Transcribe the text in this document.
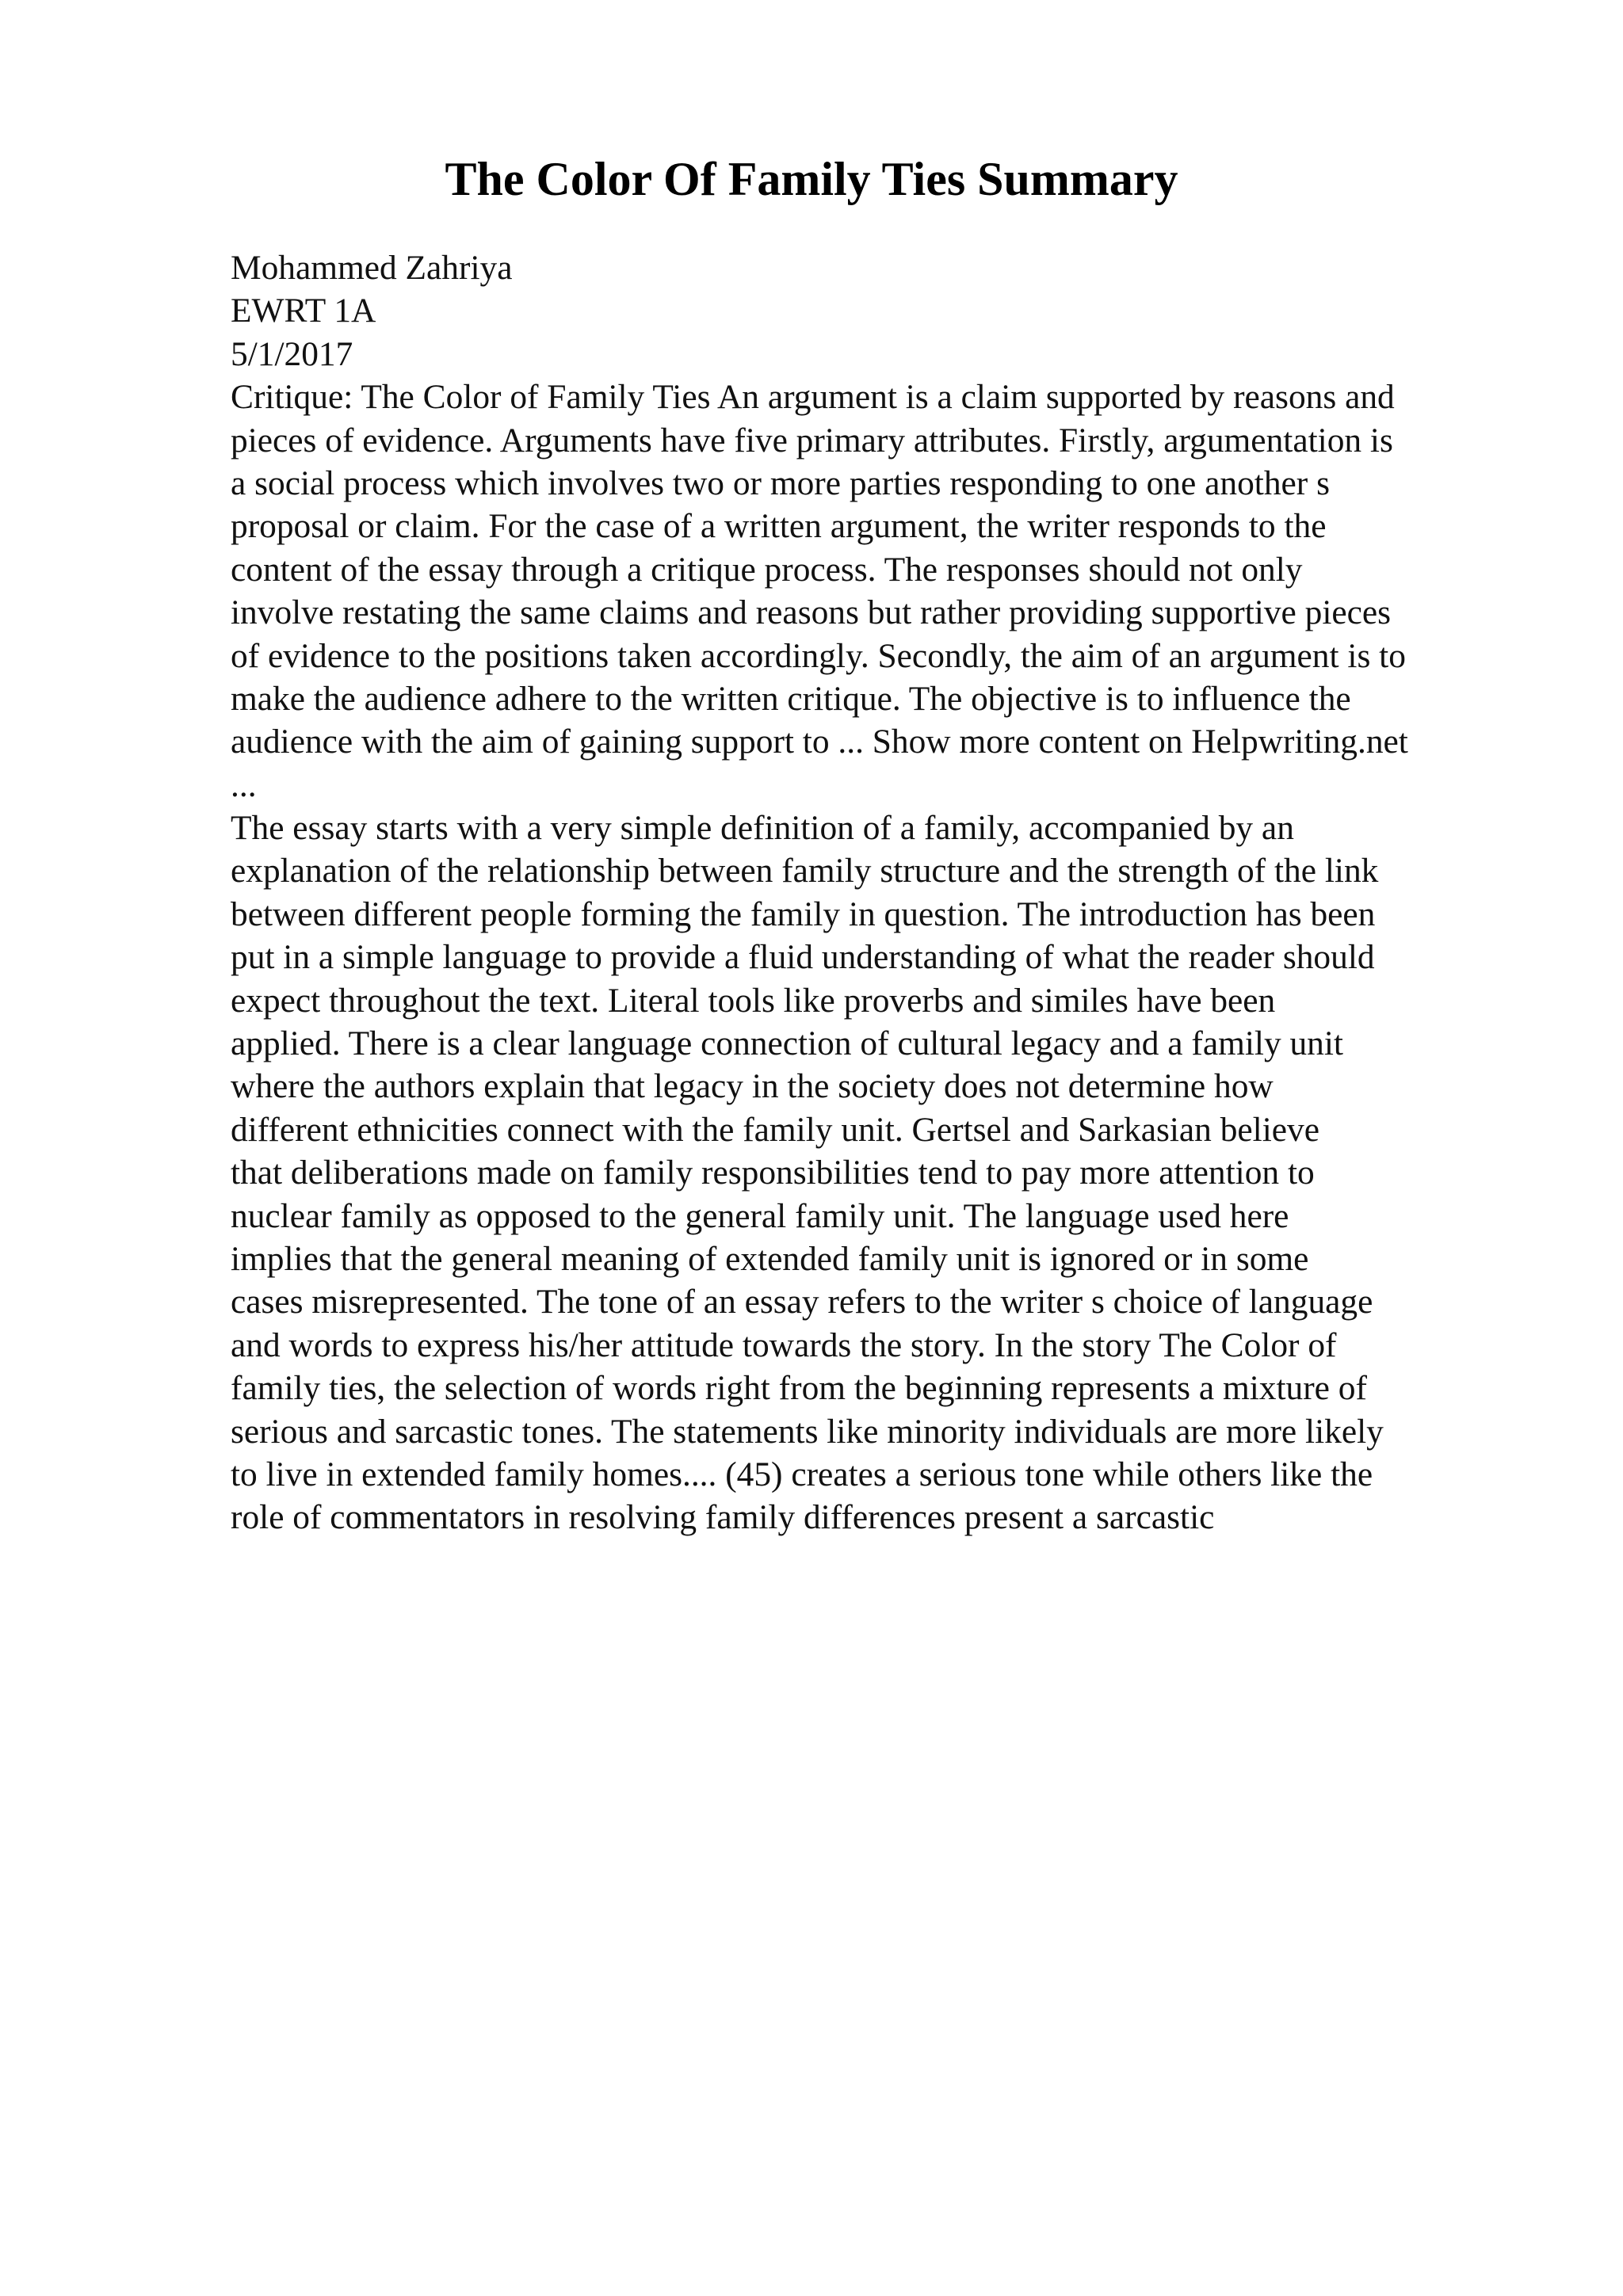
The Color Of Family Ties Summary
Mohammed Zahriya
EWRT 1A
5/1/2017
Critique: The Color of Family Ties An argument is a claim supported by reasons and
pieces of evidence. Arguments have five primary attributes. Firstly, argumentation is
a social process which involves two or more parties responding to one another s
proposal or claim. For the case of a written argument, the writer responds to the
content of the essay through a critique process. The responses should not only
involve restating the same claims and reasons but rather providing supportive pieces
of evidence to the positions taken accordingly. Secondly, the aim of an argument is to
make the audience adhere to the written critique. The objective is to influence the
audience with the aim of gaining support to ... Show more content on Helpwriting.net
...
The essay starts with a very simple definition of a family, accompanied by an
explanation of the relationship between family structure and the strength of the link
between different people forming the family in question. The introduction has been
put in a simple language to provide a fluid understanding of what the reader should
expect throughout the text. Literal tools like proverbs and similes have been
applied. There is a clear language connection of cultural legacy and a family unit
where the authors explain that legacy in the society does not determine how
different ethnicities connect with the family unit. Gertsel and Sarkasian believe
that deliberations made on family responsibilities tend to pay more attention to
nuclear family as opposed to the general family unit. The language used here
implies that the general meaning of extended family unit is ignored or in some
cases misrepresented. The tone of an essay refers to the writer s choice of language
and words to express his/her attitude towards the story. In the story The Color of
family ties, the selection of words right from the beginning represents a mixture of
serious and sarcastic tones. The statements like minority individuals are more likely
to live in extended family homes.... (45) creates a serious tone while others like the
role of commentators in resolving family differences present a sarcastic
